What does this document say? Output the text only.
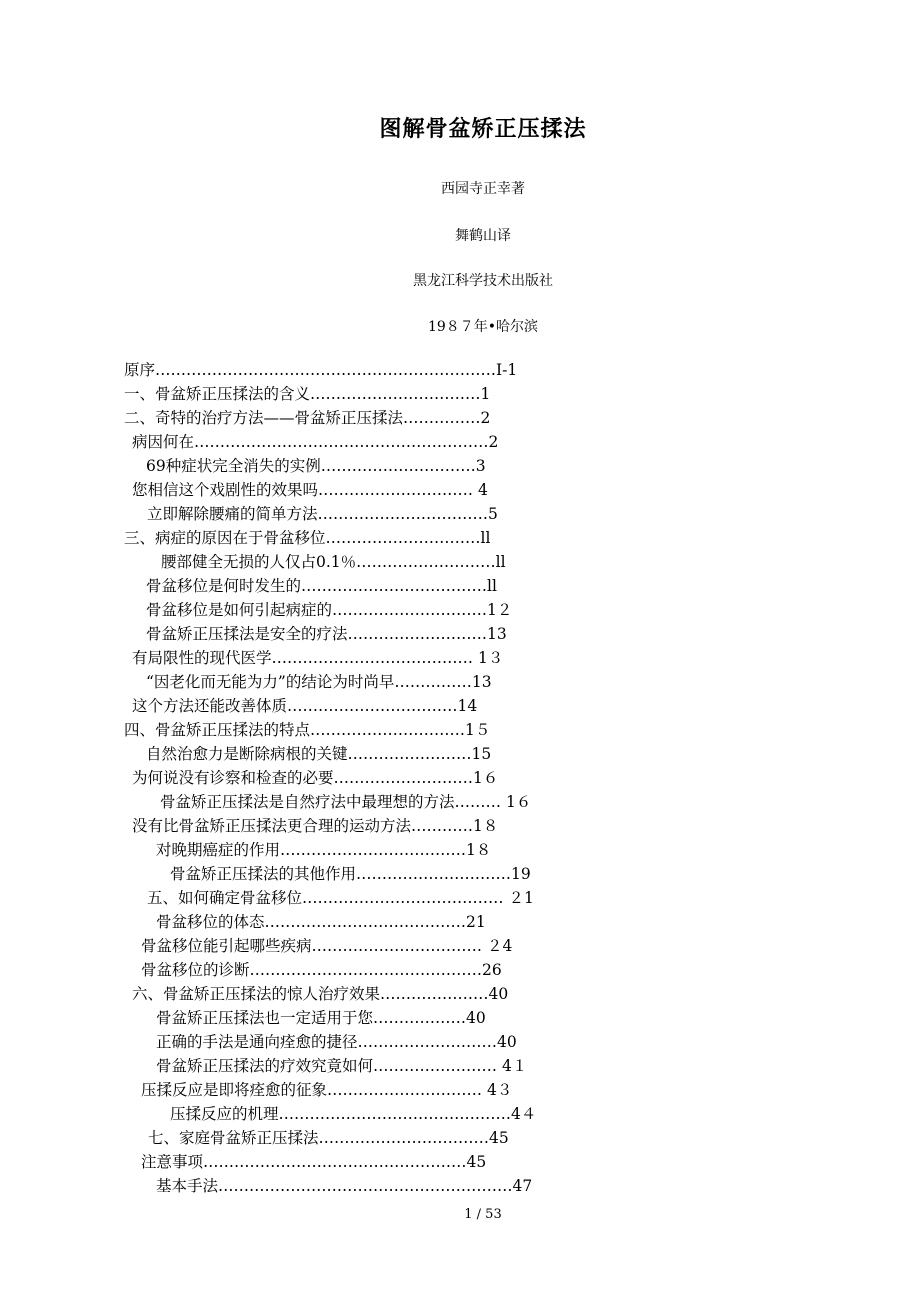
图解骨盆矫正压揉法
西园寺正幸著
舞鹤山译
黑龙江科学技术出版社
19８７年•哈尔滨
原序…………………………………………………………Ⅰ-1
一、骨盆矫正压揉法的含义……………………………1
二、奇特的治疗方法——骨盆矫正压揉法……………2
病因何在…………………………………………………2
69种症状完全消失的实例…………………………3
您相信这个戏剧性的效果吗………………………… 4
立即解除腰痛的简单方法……………………………5
三、病症的原因在于骨盆移位…………………………ll
腰部健全无损的人仅占0.1％………………………ll
骨盆移位是何时发生的………………………………ll
骨盆移位是如何引起病症的…………………………1２
骨盆矫正压揉法是安全的疗法………………………13
有局限性的现代医学………………………………… 1３
“因老化而无能为力”的结论为时尚早……………13
这个方法还能改善体质……………………………14
四、骨盆矫正压揉法的特点…………………………1５
自然治愈力是断除病根的关键……………………15
为何说没有诊察和检查的必要………………………1６
骨盆矫正压揉法是自然疗法中最理想的方法……… 1６
没有比骨盆矫正压揉法更合理的运动方法…………1８
对晚期癌症的作用………………………………1８
骨盆矫正压揉法的其他作用…………………………19
五、如何确定骨盆移位………………………………… ２1
骨盆移位的体态…………………………………21
骨盆移位能引起哪些疾病…………………………… ２4
骨盆移位的诊断………………………………………26
六、骨盆矫正压揉法的惊人治疗效果…………………40
骨盆矫正压揉法也一定适用于您………………40
正确的手法是通向痊愈的捷径………………………40
骨盆矫正压揉法的疗效究竟如何…………………… 4１
压揉反应是即将痊愈的征象………………………… 4３
压揉反应的机理………………………………………4４
七、家庭骨盆矫正压揉法……………………………45
注意事项……………………………………………45
基本手法…………………………………………………47
1 / 53
